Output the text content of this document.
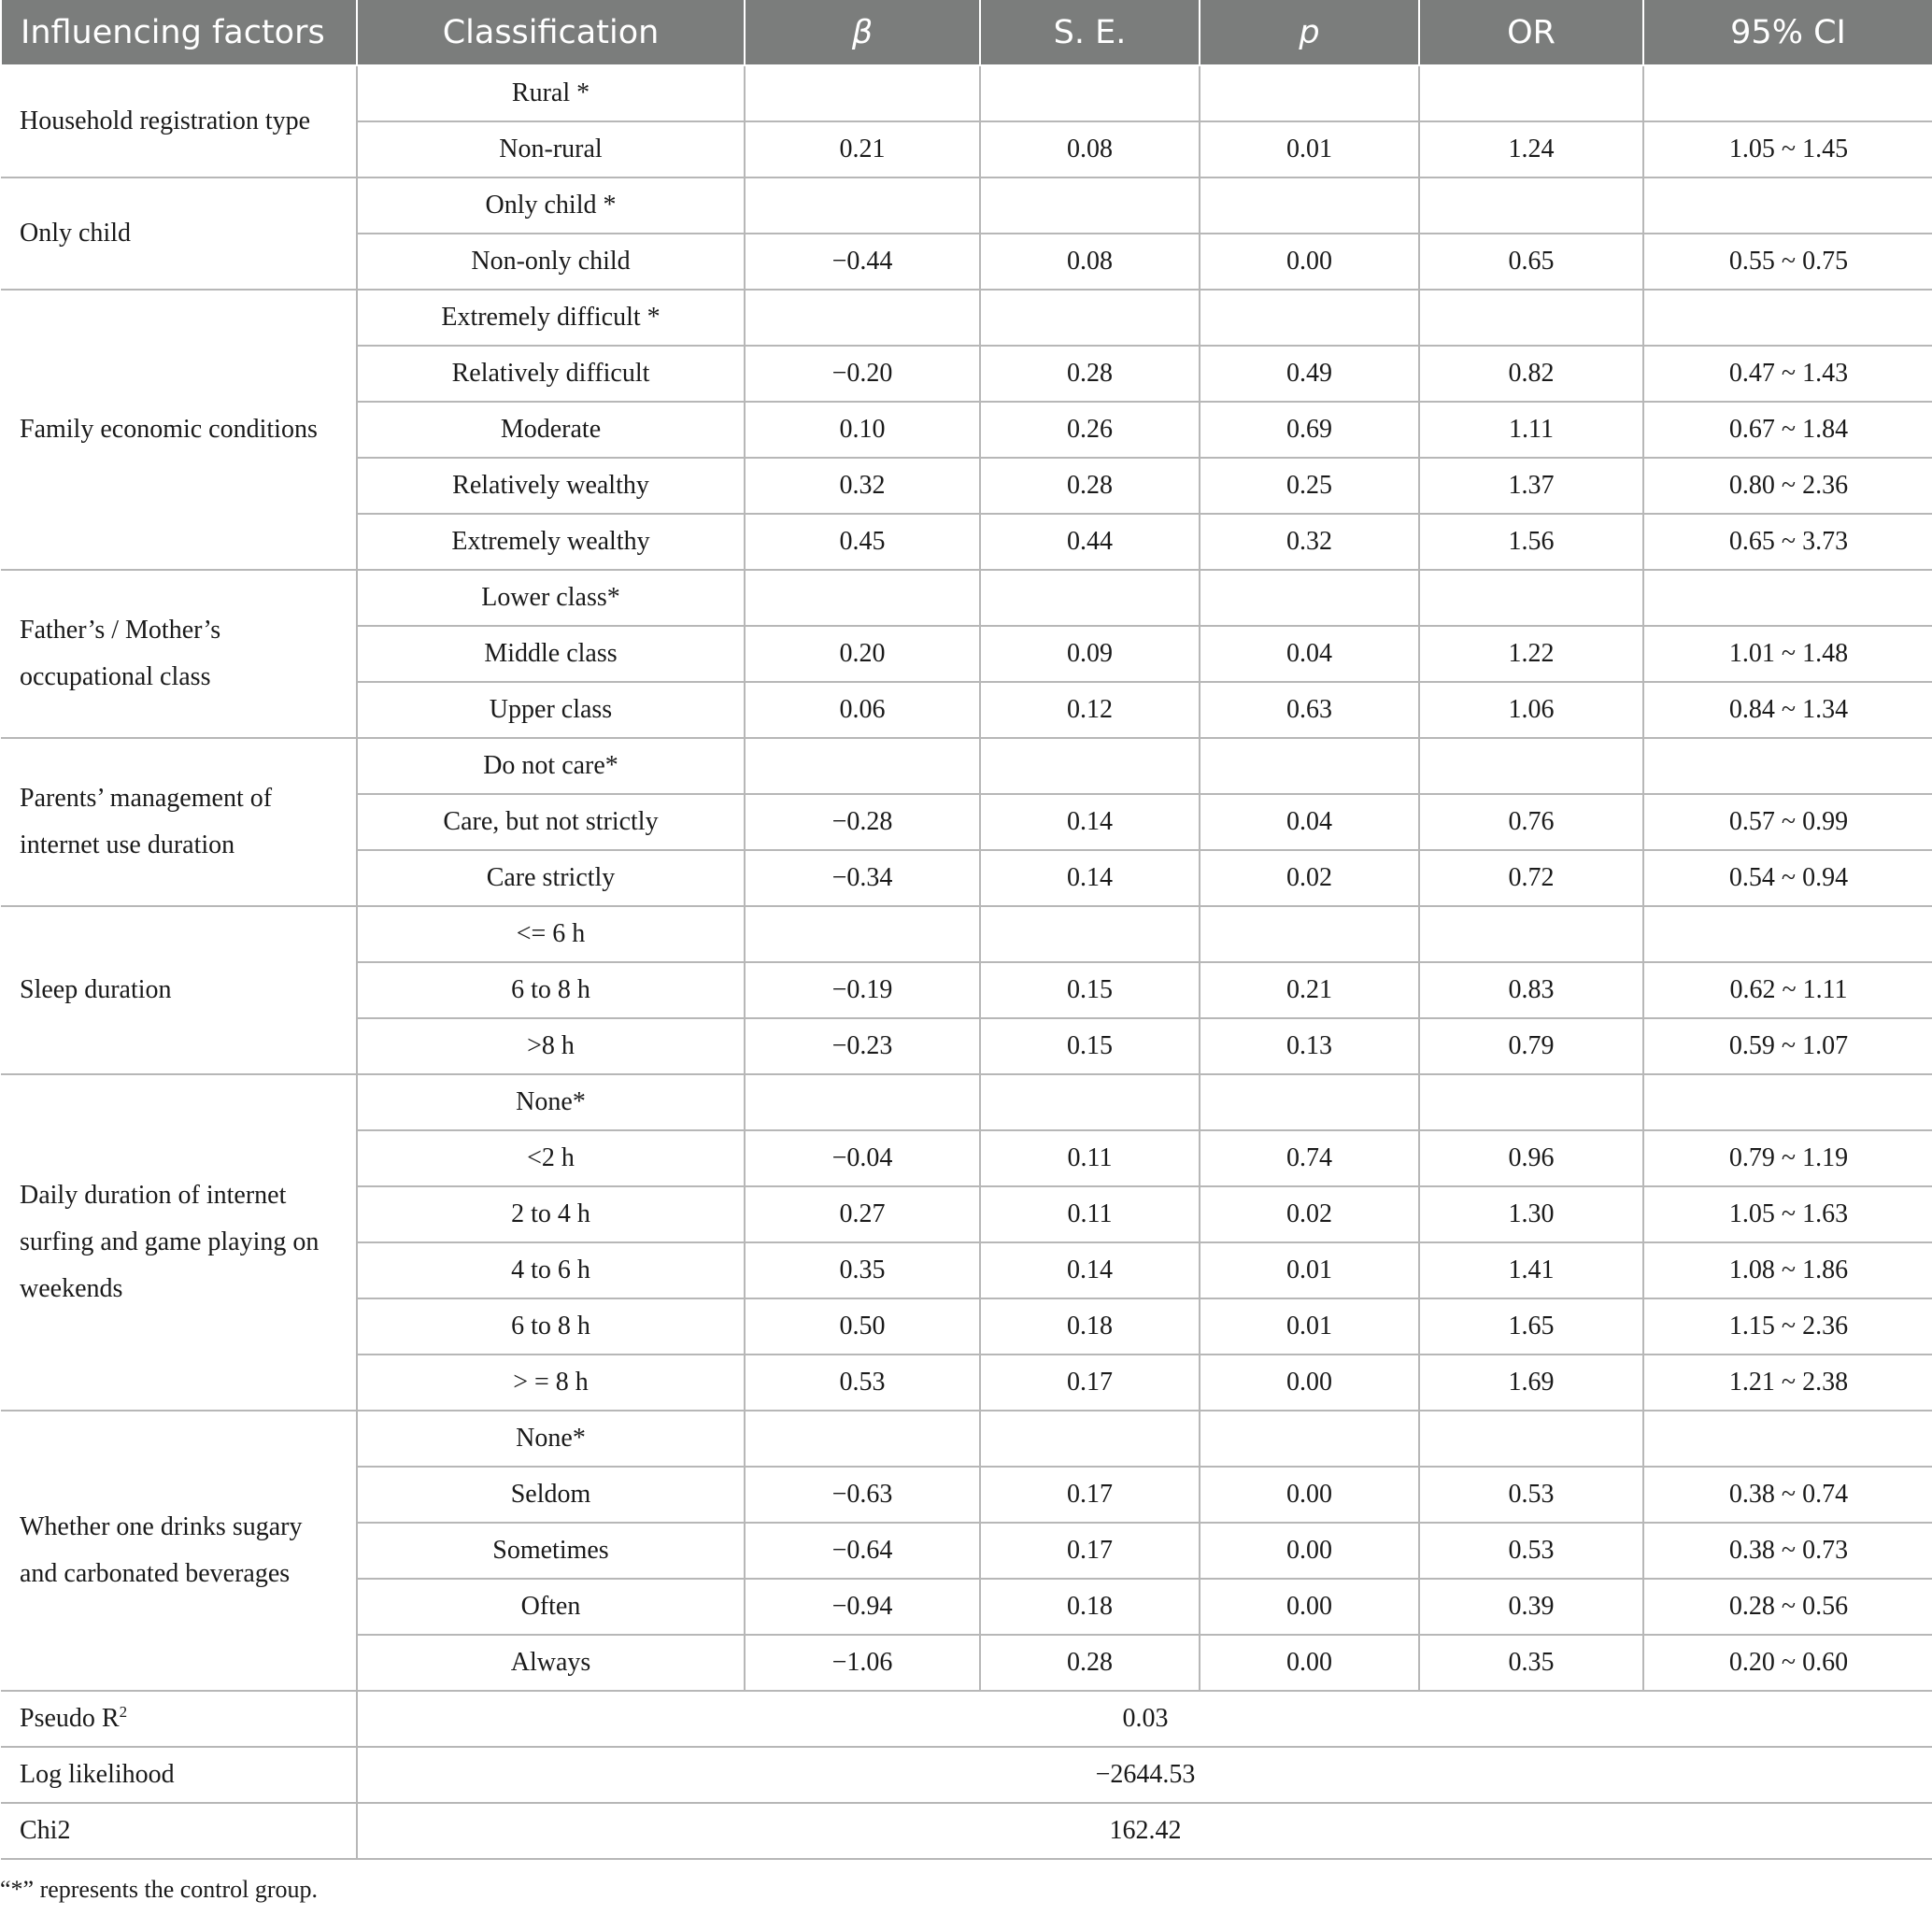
Influencing factors	Classification	β	S. E.	p	OR	95% CI
Household registration type	Rural *					
	Non-rural	0.21	0.08	0.01	1.24	1.05 ~ 1.45
Only child	Only child *					
	Non-only child	−0.44	0.08	0.00	0.65	0.55 ~ 0.75
Family economic conditions	Extremely difficult *					
	Relatively difficult	−0.20	0.28	0.49	0.82	0.47 ~ 1.43
	Moderate	0.10	0.26	0.69	1.11	0.67 ~ 1.84
	Relatively wealthy	0.32	0.28	0.25	1.37	0.80 ~ 2.36
	Extremely wealthy	0.45	0.44	0.32	1.56	0.65 ~ 3.73
Father’s / Mother’s occupational class	Lower class*					
	Middle class	0.20	0.09	0.04	1.22	1.01 ~ 1.48
	Upper class	0.06	0.12	0.63	1.06	0.84 ~ 1.34
Parents’ management of internet use duration	Do not care*					
	Care, but not strictly	−0.28	0.14	0.04	0.76	0.57 ~ 0.99
	Care strictly	−0.34	0.14	0.02	0.72	0.54 ~ 0.94
Sleep duration	<= 6 h					
	6 to 8 h	−0.19	0.15	0.21	0.83	0.62 ~ 1.11
	>8 h	−0.23	0.15	0.13	0.79	0.59 ~ 1.07
Daily duration of internet surfing and game playing on weekends	None*					
	<2 h	−0.04	0.11	0.74	0.96	0.79 ~ 1.19
	2 to 4 h	0.27	0.11	0.02	1.30	1.05 ~ 1.63
	4 to 6 h	0.35	0.14	0.01	1.41	1.08 ~ 1.86
	6 to 8 h	0.50	0.18	0.01	1.65	1.15 ~ 2.36
	> = 8 h	0.53	0.17	0.00	1.69	1.21 ~ 2.38
Whether one drinks sugary and carbonated beverages	None*					
	Seldom	−0.63	0.17	0.00	0.53	0.38 ~ 0.74
	Sometimes	−0.64	0.17	0.00	0.53	0.38 ~ 0.73
	Often	−0.94	0.18	0.00	0.39	0.28 ~ 0.56
	Always	−1.06	0.28	0.00	0.35	0.20 ~ 0.60
Pseudo $R^2$	0.03					
Log likelihood	−2644.53					
Chi2	162.42					
“*” represents the control group.
